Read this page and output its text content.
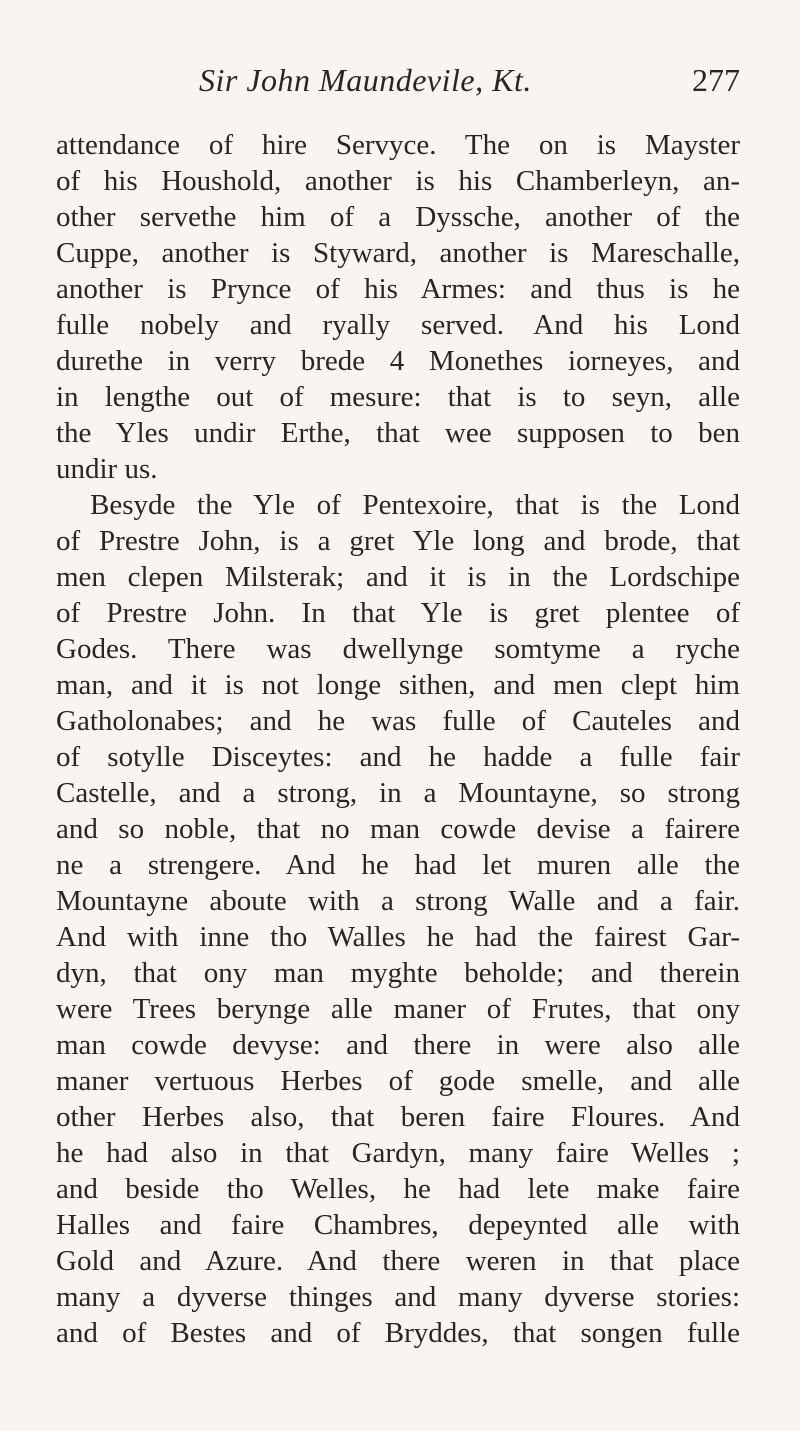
Sir John Maundevile, Kt.	277
attendance of hire Servyce. The on is Mayster
of his Houshold, another is his Chamberleyn, an-
other servethe him of a Dyssche, another of the
Cuppe, another is Styward, another is Mareschalle,
another is Prynce of his Armes: and thus is he
fulle nobely and ryally served. And his Lond
durethe in verry brede 4 Monethes iorneyes, and
in lengthe out of mesure: that is to seyn, alle
the Yles undir Erthe, that wee supposen to ben
undir us.
Besyde the Yle of Pentexoire, that is the Lond
of Prestre John, is a gret Yle long and brode, that
men clepen Milsterak; and it is in the Lordschipe
of Prestre John. In that Yle is gret plentee of
Godes. There was dwellynge somtyme a ryche
man, and it is not longe sithen, and men clept him
Gatholonabes; and he was fulle of Cauteles and
of sotylle Disceytes: and he hadde a fulle fair
Castelle, and a strong, in a Mountayne, so strong
and so noble, that no man cowde devise a fairere
ne a strengere. And he had let muren alle the
Mountayne aboute with a strong Walle and a fair.
And with inne tho Walles he had the fairest Gar-
dyn, that ony man myghte beholde; and therein
were Trees berynge alle maner of Frutes, that ony
man cowde devyse: and there in were also alle
maner vertuous Herbes of gode smelle, and alle
other Herbes also, that beren faire Floures. And
he had also in that Gardyn, many faire Welles ;
and beside tho Welles, he had lete make faire
Halles and faire Chambres, depeynted alle with
Gold and Azure. And there weren in that place
many a dyverse thinges and many dyverse stories:
and of Bestes and of Bryddes, that songen fulle
